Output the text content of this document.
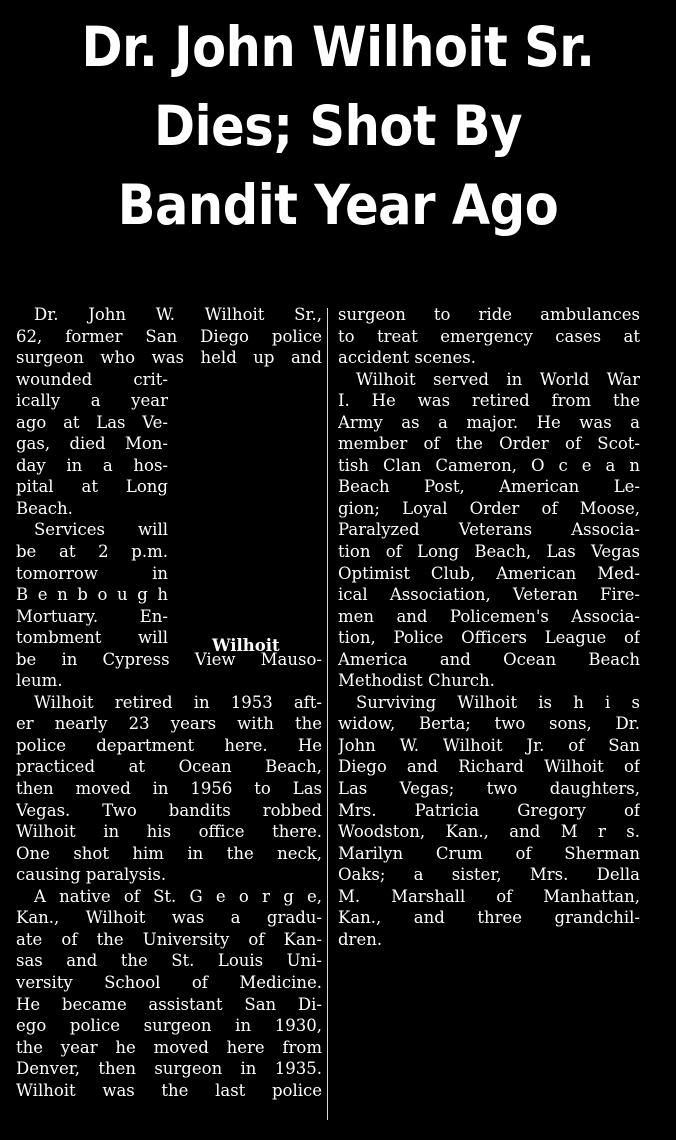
Dr. John Wilhoit Sr.
Dies; Shot By
Bandit Year Ago
Dr. John W. Wilhoit Sr.,
62, former San Diego police
surgeon who was held up and
wounded crit-
ically a year
ago at Las Ve-
gas, died Mon-
day in a hos-
pital at Long
Beach.
Services will
be at 2 p.m.
tomorrow in
B e n b o u g h
Mortuary. En-
tombment will
be in Cypress View Mauso-
leum.
Wilhoit retired in 1953 aft-
er nearly 23 years with the
police department here. He
practiced at Ocean Beach,
then moved in 1956 to Las
Vegas. Two bandits robbed
Wilhoit in his office there.
One shot him in the neck,
causing paralysis.
A native of St. G e o r g e,
Kan., Wilhoit was a gradu-
ate of the University of Kan-
sas and the St. Louis Uni-
versity School of Medicine.
He became assistant San Di-
ego police surgeon in 1930,
the year he moved here from
Denver, then surgeon in 1935.
Wilhoit was the last police
Wilhoit
surgeon to ride ambulances
to treat emergency cases at
accident scenes.
Wilhoit served in World War
I. He was retired from the
Army as a major. He was a
member of the Order of Scot-
tish Clan Cameron, O c e a n
Beach Post, American Le-
gion; Loyal Order of Moose,
Paralyzed Veterans Associa-
tion of Long Beach, Las Vegas
Optimist Club, American Med-
ical Association, Veteran Fire-
men and Policemen's Associa-
tion, Police Officers League of
America and Ocean Beach
Methodist Church.
Surviving Wilhoit is h i s
widow, Berta; two sons, Dr.
John W. Wilhoit Jr. of San
Diego and Richard Wilhoit of
Las Vegas; two daughters,
Mrs. Patricia Gregory of
Woodston, Kan., and M r s.
Marilyn Crum of Sherman
Oaks; a sister, Mrs. Della
M. Marshall of Manhattan,
Kan., and three grandchil-
dren.
